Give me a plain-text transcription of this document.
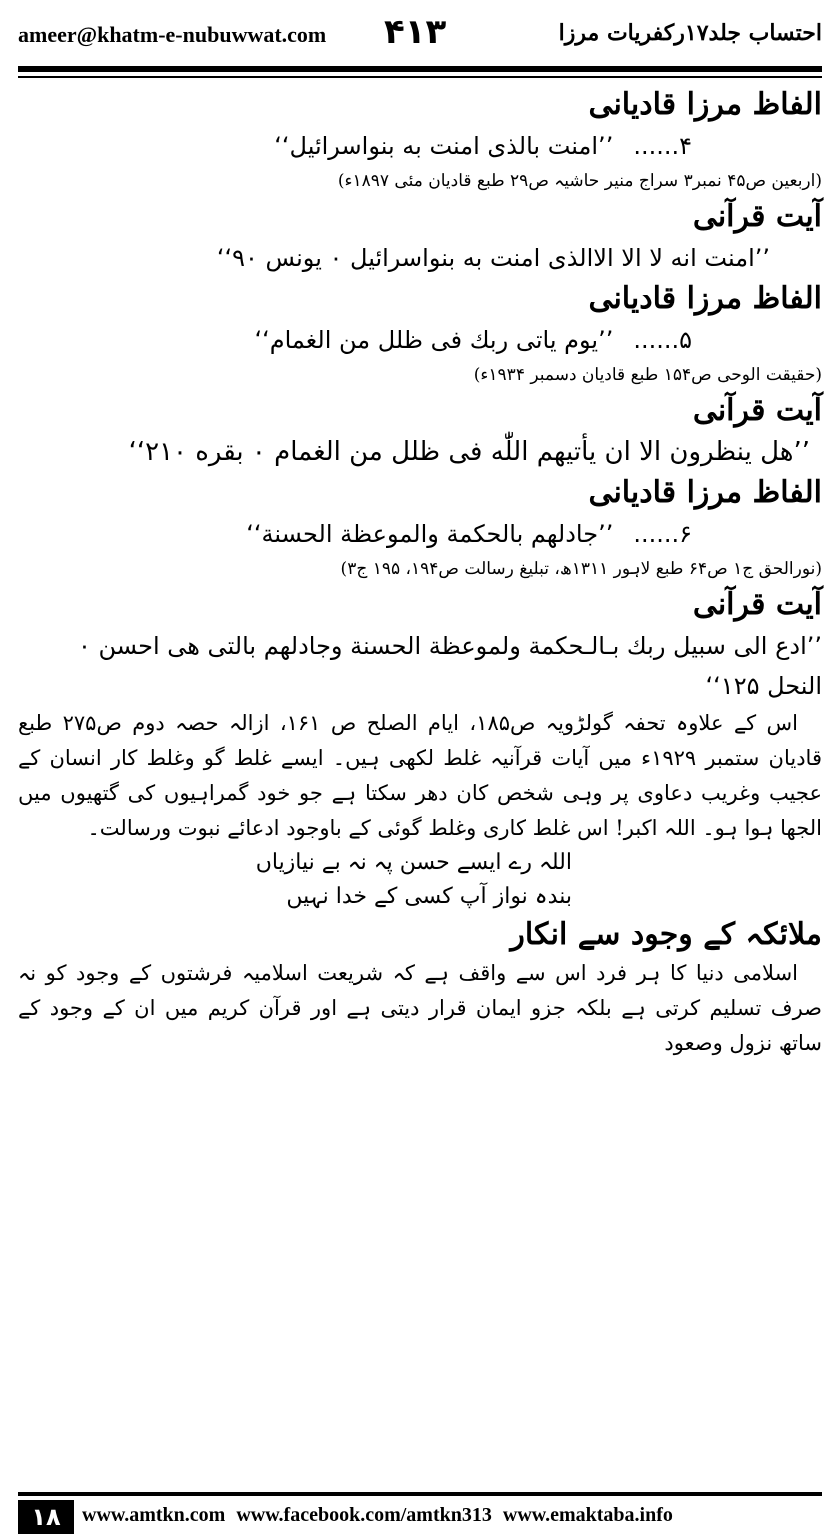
ameer@khatm-e-nubuwwat.com ۴۱۳	احتساب جلد۱۷رکفریات مرزا

الفاظ مرزا قادیانی

۴......’’امنت بالذی امنت به بنواسرائیل‘‘
(اربعین ص۴۵ نمبر۳ سراج منیر حاشیہ ص۲۹ طبع قادیان مئی ۱۸۹۷ء)

آیت قرآنی

’’امنت انه لا الا الاالذی امنت به بنواسرائیل ۰ یونس ۹۰‘‘

الفاظ مرزا قادیانی

۵......’’یوم یاتی ربك فی ظلل من الغمام‘‘
(حقیقت الوحی ص۱۵۴ طبع قادیان دسمبر ۱۹۳۴ء)

آیت قرآنی

’’هل ینظرون الا ان یأتیهم اللّٰه فی ظلل من الغمام ۰ بقره ۲۱۰‘‘

الفاظ مرزا قادیانی

۶......’’جادلهم بالحکمة والموعظة الحسنة‘‘
(نورالحق ج۱ ص۶۴ طبع لاہور ۱۳۱۱ھ، تبلیغ رسالت ص۱۹۴، ۱۹۵ ج۳)

آیت قرآنی

’’ادع الی سبیل ربك بـالـحکمة ولموعظة الحسنة وجادلهم بالتی هی احسن ۰ النحل ۱۲۵‘‘
اس کے علاوہ تحفہ گولڑویہ ص۱۸۵، ایام الصلح ص ۱۶۱، ازالہ حصہ دوم ص۲۷۵ طبع قادیان ستمبر ۱۹۲۹ء میں آیات قرآنیہ غلط لکھی ہیں۔ ایسے غلط گو وغلط کار انسان کے عجیب وغریب دعاوی پر وہی شخص کان دھر سکتا ہے جو خود گمراہیوں کی گتھیوں میں الجھا ہوا ہو۔ اللہ اکبر! اس غلط کاری وغلط گوئی کے باوجود ادعائے نبوت ورسالت۔
اللہ رے ایسے حسن پہ نہ بے نیازیاں
بندہ نواز آپ کسی کے خدا نہیں

ملائکہ کے وجود سے انکار

اسلامی دنیا کا ہر فرد اس سے واقف ہے کہ شریعت اسلامیہ فرشتوں کے وجود کو نہ صرف تسلیم کرتی ہے بلکہ جزو ایمان قرار دیتی ہے اور قرآن کریم میں ان کے وجود کے ساتھ نزول وصعود
۱۸	www.amtkn.com www.facebook.com/amtkn313 www.emaktaba.info
